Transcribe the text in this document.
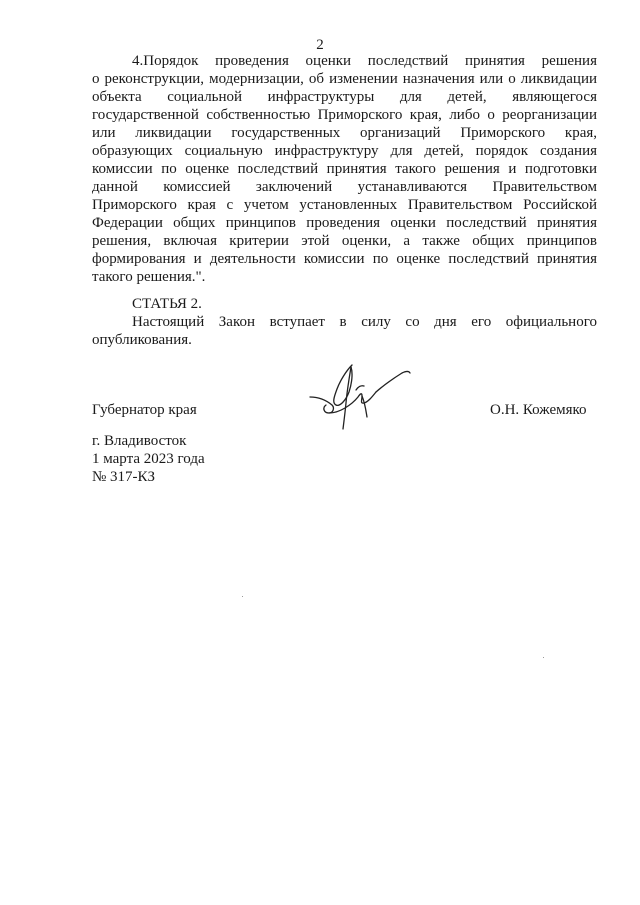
2

4.Порядок проведения оценки последствий принятия решения
о реконструкции, модернизации, об изменении назначения или о ликвидации
объекта социальной инфраструктуры для детей, являющегося
государственной собственностью Приморского края, либо о реорганизации
или ликвидации государственных организаций Приморского края,
образующих социальную инфраструктуру для детей, порядок создания
комиссии по оценке последствий принятия такого решения и подготовки
данной комиссией заключений устанавливаются Правительством
Приморского края с учетом установленных Правительством Российской
Федерации общих принципов проведения оценки последствий принятия
решения, включая критерии этой оценки, а также общих принципов
формирования и деятельности комиссии по оценке последствий принятия
такого решения.".

СТАТЬЯ 2.

Настоящий Закон вступает в силу со дня его официального
опубликования.

Губернатор края	О.Н. Кожемяко
г. Владивосток
1 марта 2023 года
№ 317-КЗ
